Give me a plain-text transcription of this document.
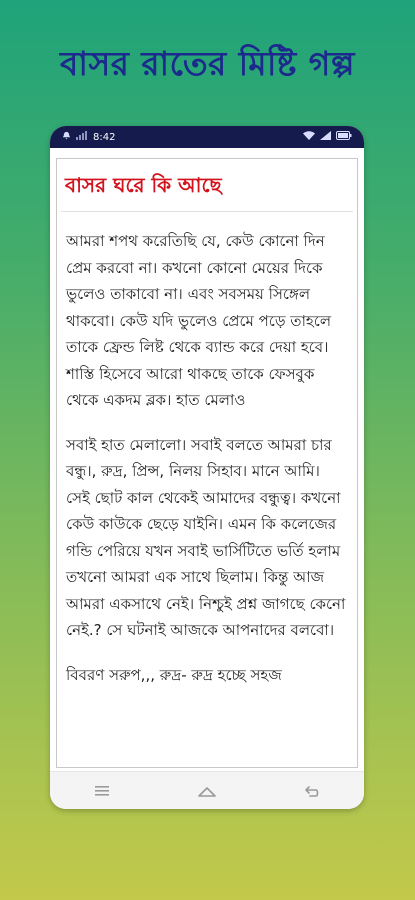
বাসর রাতের মিষ্টি গল্প
8:42
বাসর ঘরে কি আছে

আমরা শপথ করেতিছি যে, কেউ কোনো দিন প্রেম করবো না। কখনো কোনো মেয়ের দিকে ভুলেও তাকাবো না। এবং সবসময় সিঙ্গেল থাকবো। কেউ যদি ভুলেও প্রেমে পড়ে তাহলে তাকে ফ্রেন্ড লিষ্ট থেকে ব্যান্ড করে দেয়া হবে। শাস্তি হিসেবে আরো থাকছে তাকে ফেসবুক থেকে একদম ব্লক। হাত মেলাও

সবাই হাত মেলালো। সবাই বলতে আমরা চার বন্ধু।, রুদ্র, প্রিন্স, নিলয় সিহাব। মানে আমি। সেই ছোট কাল থেকেই আমাদের বন্ধুত্ব। কখনো কেউ কাউকে ছেড়ে যাইনি। এমন কি কলেজের গন্ডি পেরিয়ে যখন সবাই ভার্সিটিতে ভর্তি হলাম তখনো আমরা এক সাথে ছিলাম। কিন্তু আজ আমরা একসাথে নেই। নিশ্চুই প্রশ্ন জাগছে কেনো নেই.? সে ঘটনাই আজকে আপনাদের বলবো।

বিবরণ সরুপ,,, রুদ্র- রুদ্র হচ্ছে সহজ
